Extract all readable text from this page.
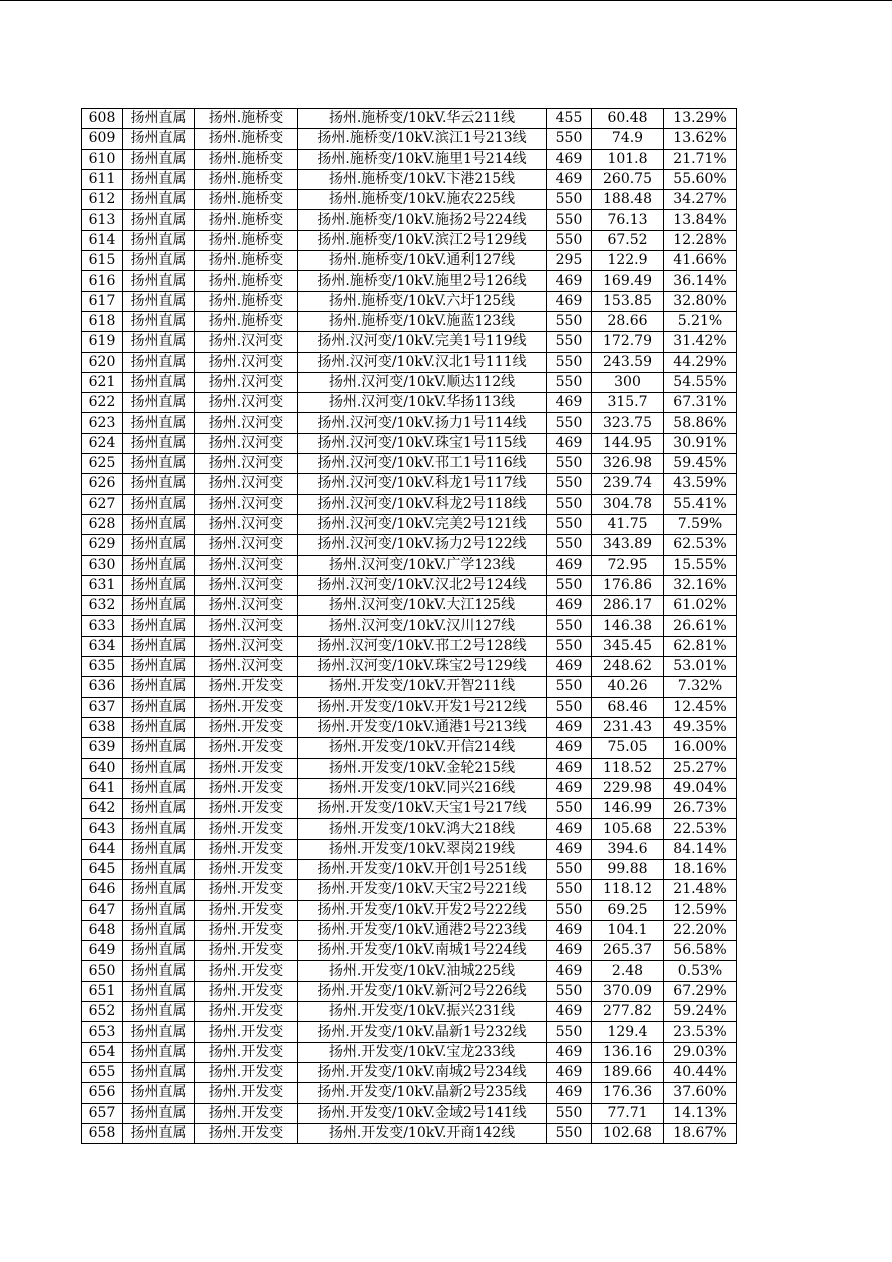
608	扬州直属	扬州.施桥变	扬州.施桥变/10kV.华云211线	455	60.48	13.29%
609	扬州直属	扬州.施桥变	扬州.施桥变/10kV.滨江1号213线	550	74.9	13.62%
610	扬州直属	扬州.施桥变	扬州.施桥变/10kV.施里1号214线	469	101.8	21.71%
611	扬州直属	扬州.施桥变	扬州.施桥变/10kV.卞港215线	469	260.75	55.60%
612	扬州直属	扬州.施桥变	扬州.施桥变/10kV.施农225线	550	188.48	34.27%
613	扬州直属	扬州.施桥变	扬州.施桥变/10kV.施扬2号224线	550	76.13	13.84%
614	扬州直属	扬州.施桥变	扬州.施桥变/10kV.滨江2号129线	550	67.52	12.28%
615	扬州直属	扬州.施桥变	扬州.施桥变/10kV.通利127线	295	122.9	41.66%
616	扬州直属	扬州.施桥变	扬州.施桥变/10kV.施里2号126线	469	169.49	36.14%
617	扬州直属	扬州.施桥变	扬州.施桥变/10kV.六圩125线	469	153.85	32.80%
618	扬州直属	扬州.施桥变	扬州.施桥变/10kV.施蓝123线	550	28.66	5.21%
619	扬州直属	扬州.汉河变	扬州.汉河变/10kV.完美1号119线	550	172.79	31.42%
620	扬州直属	扬州.汉河变	扬州.汉河变/10kV.汉北1号111线	550	243.59	44.29%
621	扬州直属	扬州.汉河变	扬州.汉河变/10kV.顺达112线	550	300	54.55%
622	扬州直属	扬州.汉河变	扬州.汉河变/10kV.华扬113线	469	315.7	67.31%
623	扬州直属	扬州.汉河变	扬州.汉河变/10kV.扬力1号114线	550	323.75	58.86%
624	扬州直属	扬州.汉河变	扬州.汉河变/10kV.珠宝1号115线	469	144.95	30.91%
625	扬州直属	扬州.汉河变	扬州.汉河变/10kV.邗工1号116线	550	326.98	59.45%
626	扬州直属	扬州.汉河变	扬州.汉河变/10kV.科龙1号117线	550	239.74	43.59%
627	扬州直属	扬州.汉河变	扬州.汉河变/10kV.科龙2号118线	550	304.78	55.41%
628	扬州直属	扬州.汉河变	扬州.汉河变/10kV.完美2号121线	550	41.75	7.59%
629	扬州直属	扬州.汉河变	扬州.汉河变/10kV.扬力2号122线	550	343.89	62.53%
630	扬州直属	扬州.汉河变	扬州.汉河变/10kV.广学123线	469	72.95	15.55%
631	扬州直属	扬州.汉河变	扬州.汉河变/10kV.汉北2号124线	550	176.86	32.16%
632	扬州直属	扬州.汉河变	扬州.汉河变/10kV.大江125线	469	286.17	61.02%
633	扬州直属	扬州.汉河变	扬州.汉河变/10kV.汉川127线	550	146.38	26.61%
634	扬州直属	扬州.汉河变	扬州.汉河变/10kV.邗工2号128线	550	345.45	62.81%
635	扬州直属	扬州.汉河变	扬州.汉河变/10kV.珠宝2号129线	469	248.62	53.01%
636	扬州直属	扬州.开发变	扬州.开发变/10kV.开智211线	550	40.26	7.32%
637	扬州直属	扬州.开发变	扬州.开发变/10kV.开发1号212线	550	68.46	12.45%
638	扬州直属	扬州.开发变	扬州.开发变/10kV.通港1号213线	469	231.43	49.35%
639	扬州直属	扬州.开发变	扬州.开发变/10kV.开信214线	469	75.05	16.00%
640	扬州直属	扬州.开发变	扬州.开发变/10kV.金轮215线	469	118.52	25.27%
641	扬州直属	扬州.开发变	扬州.开发变/10kV.同兴216线	469	229.98	49.04%
642	扬州直属	扬州.开发变	扬州.开发变/10kV.天宝1号217线	550	146.99	26.73%
643	扬州直属	扬州.开发变	扬州.开发变/10kV.鸿大218线	469	105.68	22.53%
644	扬州直属	扬州.开发变	扬州.开发变/10kV.翠岗219线	469	394.6	84.14%
645	扬州直属	扬州.开发变	扬州.开发变/10kV.开创1号251线	550	99.88	18.16%
646	扬州直属	扬州.开发变	扬州.开发变/10kV.天宝2号221线	550	118.12	21.48%
647	扬州直属	扬州.开发变	扬州.开发变/10kV.开发2号222线	550	69.25	12.59%
648	扬州直属	扬州.开发变	扬州.开发变/10kV.通港2号223线	469	104.1	22.20%
649	扬州直属	扬州.开发变	扬州.开发变/10kV.南城1号224线	469	265.37	56.58%
650	扬州直属	扬州.开发变	扬州.开发变/10kV.油城225线	469	2.48	0.53%
651	扬州直属	扬州.开发变	扬州.开发变/10kV.新河2号226线	550	370.09	67.29%
652	扬州直属	扬州.开发变	扬州.开发变/10kV.振兴231线	469	277.82	59.24%
653	扬州直属	扬州.开发变	扬州.开发变/10kV.晶新1号232线	550	129.4	23.53%
654	扬州直属	扬州.开发变	扬州.开发变/10kV.宝龙233线	469	136.16	29.03%
655	扬州直属	扬州.开发变	扬州.开发变/10kV.南城2号234线	469	189.66	40.44%
656	扬州直属	扬州.开发变	扬州.开发变/10kV.晶新2号235线	469	176.36	37.60%
657	扬州直属	扬州.开发变	扬州.开发变/10kV.金域2号141线	550	77.71	14.13%
658	扬州直属	扬州.开发变	扬州.开发变/10kV.开商142线	550	102.68	18.67%
